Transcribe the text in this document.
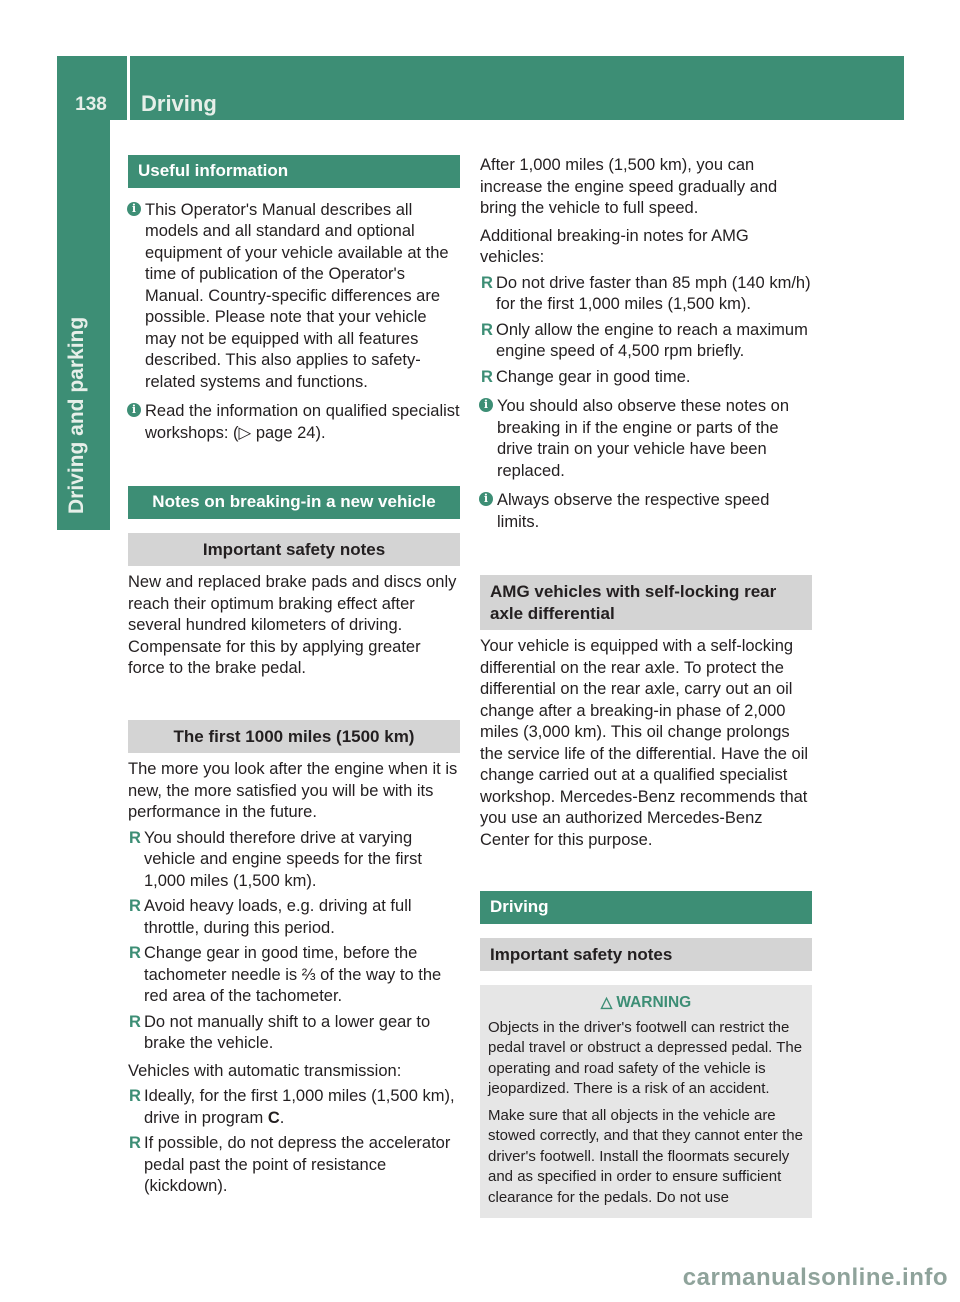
138	Driving
Driving and parking
Useful information
i This Operator's Manual describes all models and all standard and optional equipment of your vehicle available at the time of publication of the Operator's Manual. Country-specific differences are possible. Please note that your vehicle may not be equipped with all features described. This also applies to safety-related systems and functions.
i Read the information on qualified specialist workshops: (▷ page 24).
Notes on breaking-in a new vehicle
Important safety notes

New and replaced brake pads and discs only reach their optimum braking effect after several hundred kilometers of driving. Compensate for this by applying greater force to the brake pedal.

The first 1000 miles (1500 km)

The more you look after the engine when it is new, the more satisfied you will be with its performance in the future.

R You should therefore drive at varying vehicle and engine speeds for the first 1,000 miles (1,500 km).
R Avoid heavy loads, e.g. driving at full throttle, during this period.
R Change gear in good time, before the tachometer needle is ⅔ of the way to the red area of the tachometer.
R Do not manually shift to a lower gear to brake the vehicle.

Vehicles with automatic transmission:

R Ideally, for the first 1,000 miles (1,500 km), drive in program C.
R If possible, do not depress the accelerator pedal past the point of resistance (kickdown).

After 1,000 miles (1,500 km), you can increase the engine speed gradually and bring the vehicle to full speed.

Additional breaking-in notes for AMG vehicles:

R Do not drive faster than 85 mph (140 km/h) for the first 1,000 miles (1,500 km).
R Only allow the engine to reach a maximum engine speed of 4,500 rpm briefly.
R Change gear in good time.
i You should also observe these notes on breaking in if the engine or parts of the drive train on your vehicle have been replaced.
i Always observe the respective speed limits.
AMG vehicles with self-locking rear axle differential

Your vehicle is equipped with a self-locking differential on the rear axle. To protect the differential on the rear axle, carry out an oil change after a breaking-in phase of 2,000 miles (3,000 km). This oil change prolongs the service life of the differential. Have the oil change carried out at a qualified specialist workshop. Mercedes-Benz recommends that you use an authorized Mercedes-Benz Center for this purpose.

Driving
Important safety notes
△ WARNING
Objects in the driver's footwell can restrict the pedal travel or obstruct a depressed pedal. The operating and road safety of the vehicle is jeopardized. There is a risk of an accident.
Make sure that all objects in the vehicle are stowed correctly, and that they cannot enter the driver's footwell. Install the floormats securely and as specified in order to ensure sufficient clearance for the pedals. Do not use
carmanualsonline.info
